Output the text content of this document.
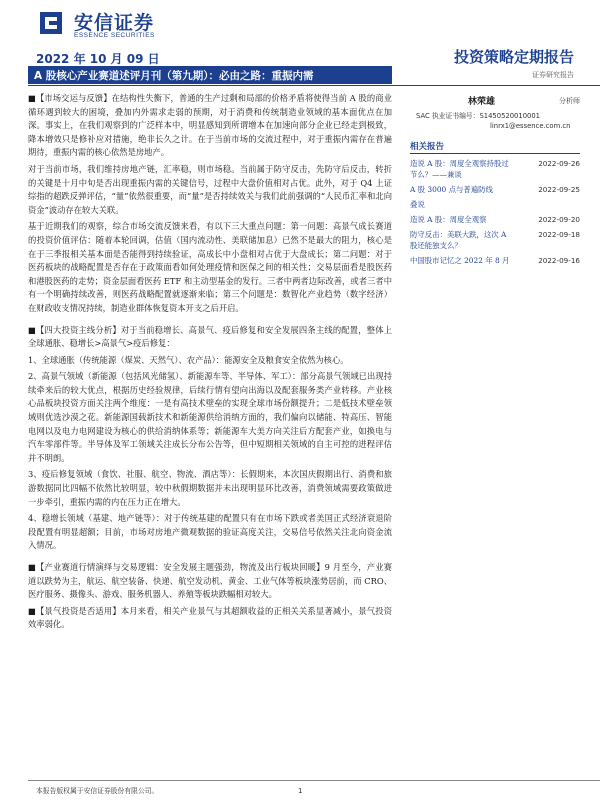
安信证券
ESSENCE SECURITIES
2022 年 10 月 09 日	投资策略定期报告
证券研究报告
A 股核心产业赛道述评月刊（第九期）：必由之路：重振内需

■【市场交运与反馈】在结构性失衡下，普通的生产过剩和局部的价格矛盾将使得当前 A 股的商业循环遇到较大的困境，叠加内外需求走弱的预期，对于消费和传统制造业领域的基本面优点在加深。事实上，在我们观察到的广泛样本中，明显感知到所谓增本在加速向部分企业已经走到极致，降本增效只是修补应对措施，绝非长久之计。在于当前市场的交流过程中，对于重振内需存在普遍期待，重振内需的核心依然是房地产。

对于当前市场，我们维持房地产链，汇率稳，则市场稳。当前属于防守反击，先防守后反击，转折的关键是十月中旬是否出现重振内需的关键信号，过程中大盘价值相对占优。此外，对于 Q4 上证综指的超跌反弹评估，“量”依然很重要，而“量”是否持续效关与我们此前强调的“人民币汇率和北向资金”波动存在较大关联。

基于近期我们的观察，综合市场交流反馈来看，有以下三大重点问题：第一问题：高景气成长赛道的投资价值评估：随着本轮回调，估值（国内流动性、美联储加息）已然不是最大的阻力，核心是在于三季报相关基本面是否能得到持续验证，高成长中小盘相对占优于大盘成长；第二问题：对于医药板块的战略配置是否存在于政策面看如何处理疫情和医保之间的相关性；交易层面看是股医药和港股医药的走势；资金层面看医药 ETF 和主动型基金的发行。三者中两者边际改善，或者三者中有一个明确持续改善，则医药战略配置就逐渐来临；第三个问题是：数智化产业趋势（数字经济）在财政收支情况持续，制造业群体恢复资本开支之后开启。

■【四大投资主线分析】对于当前稳增长、高景气、疫后修复和安全发展四条主线的配置，整体上全球通胀、稳增长>高景气>疫后修复：

1、全球通胀（传统能源（煤炭、天然气）、农产品）：能源安全及粮食安全依然为核心。

2、高景气领域（新能源（包括风光储氢）、新能源车等、半导体、军工）：部分高景气领域已出现持续牵来后的较大优点，根据历史经验规律，后续行情有望向出海以及配套服务类产业转移。产业核心品板块投资方面关注两个维度：一是有高技术壁垒的实现全球市场份额提升；二是低技术壁垒领域则优选沙漠之花。新能源国载新技术和新能源供给消纳方面的，我们偏向以储能、特高压、智能电网以及电力电网建设为核心的供给消纳体系等；新能源车大美方向关注后方配套产业，如换电与汽车零部件等。半导体及军工领域关注成长分布公告等，但中短期相关领域的自主可控的进程评估并不明朗。

3、疫后修复领域（食饮、社服、航空、物流、酒店等）：长假期来，本次国庆假期出行、消费和旅游数据同比四幅不依然比较明显，较中秋假期数据并未出现明显环比改善，消费领域需要政策做进一步牵引，重振内需的内在压力正在增大。

4、稳增长领域（基建、地产链等）：对于传统基建的配置只有在市场下跌或者美国正式经济衰退阶段配置有明显超额；目前，市场对房地产微观数据的验证高度关注，交易信号依然关注北向资金流入情况。

■【产业赛道行情演绎与交易逻辑：安全发展主题强劲，物流及出行板块回暖】9 月至今，产业赛道以跌势为主，航运、航空装备、快递、航空发动机、黄金、工业气体等板块涨势居前，而 CRO、医疗服务、摄像头、游戏、服务机器人、养殖等板块跌幅相对较大。

■【景气投资是否适用】本月来看，相关产业景气与其超额收益的正相关关系显著减小，景气投资效率弱化。

林荣雄	分析师
SAC 执业证书编号：S1450520010001
linrx1@essence.com.cn
相关报告
造说 A 股：周度全观察持股过节么？——兼谈
2022-09-26
A 股 3000 点与普遍防线	2022-09-25
叠说
造说 A 股：周度全观察	2022-09-20
防守反击：美联大跌，这次 A 股还能独支么？
2022-09-18
中国股市记忆之 2022 年 8 月	2022-09-16
本报告版权属于安信证券股份有限公司。	1
